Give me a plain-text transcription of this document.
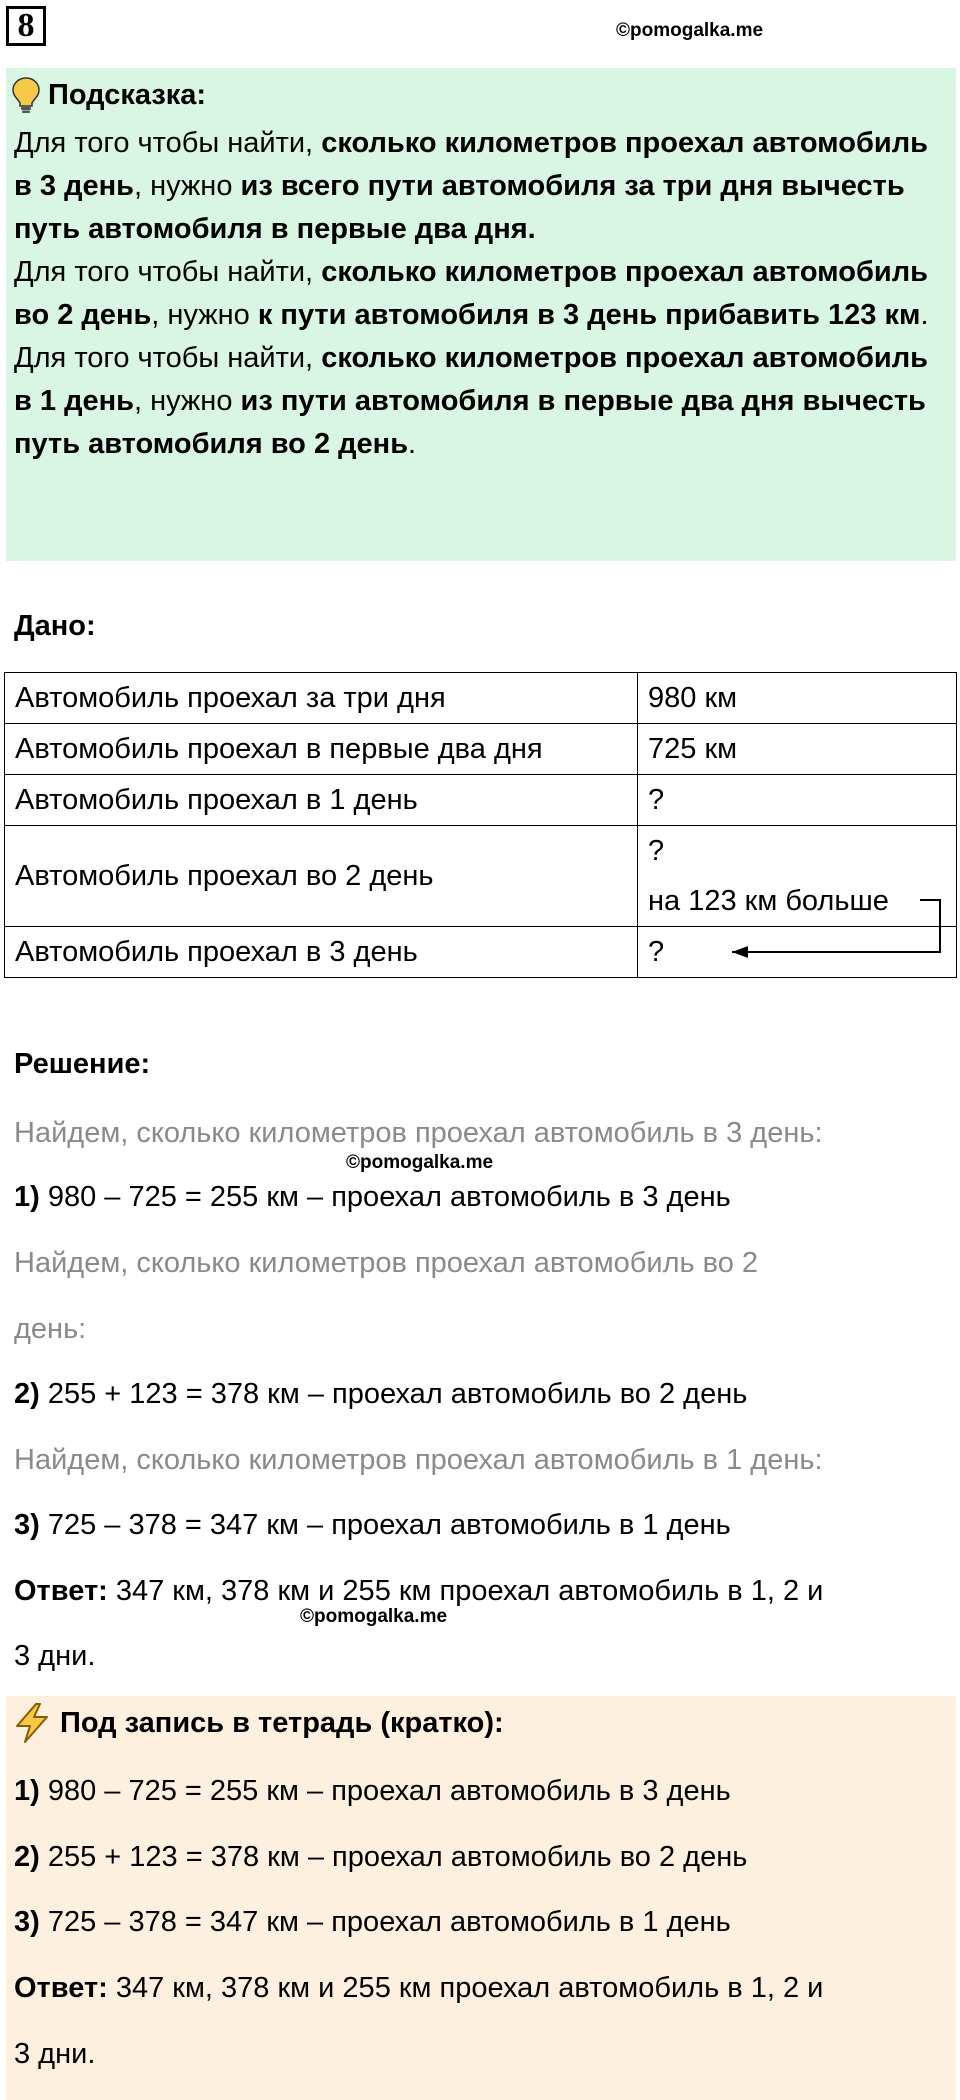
8	©pomogalka.me
Подсказка:

Для того чтобы найти, сколько километров проехал автомобиль в 3 день, нужно из всего пути автомобиля за три дня вычесть путь автомобиля в первые два дня.

Для того чтобы найти, сколько километров проехал автомобиль во 2 день, нужно к пути автомобиля в 3 день прибавить 123 км.

Для того чтобы найти, сколько километров проехал автомобиль в 1 день, нужно из пути автомобиля в первые два дня вычесть путь автомобиля во 2 день.

Дано:
Автомобиль проехал за три дня	980 км
Автомобиль проехал в первые два дня	725 км
Автомобиль проехал в 1 день	?
Автомобиль проехал во 2 день	?
на 123 км больше

Автомобиль проехал в 3 день	?
Решение:
Найдем, сколько километров проехал автомобиль в 3 день:
©pomogalka.me
1) 980 – 725 = 255 км – проехал автомобиль в 3 день
Найдем, сколько километров проехал автомобиль во 2
день:
2) 255 + 123 = 378 км – проехал автомобиль во 2 день
Найдем, сколько километров проехал автомобиль в 1 день:
3) 725 – 378 = 347 км – проехал автомобиль в 1 день
Ответ: 347 км, 378 км и 255 км проехал автомобиль в 1, 2 и
©pomogalka.me
3 дни.
Под запись в тетрадь (кратко):
1) 980 – 725 = 255 км – проехал автомобиль в 3 день
2) 255 + 123 = 378 км – проехал автомобиль во 2 день
3) 725 – 378 = 347 км – проехал автомобиль в 1 день
Ответ: 347 км, 378 км и 255 км проехал автомобиль в 1, 2 и
3 дни.
